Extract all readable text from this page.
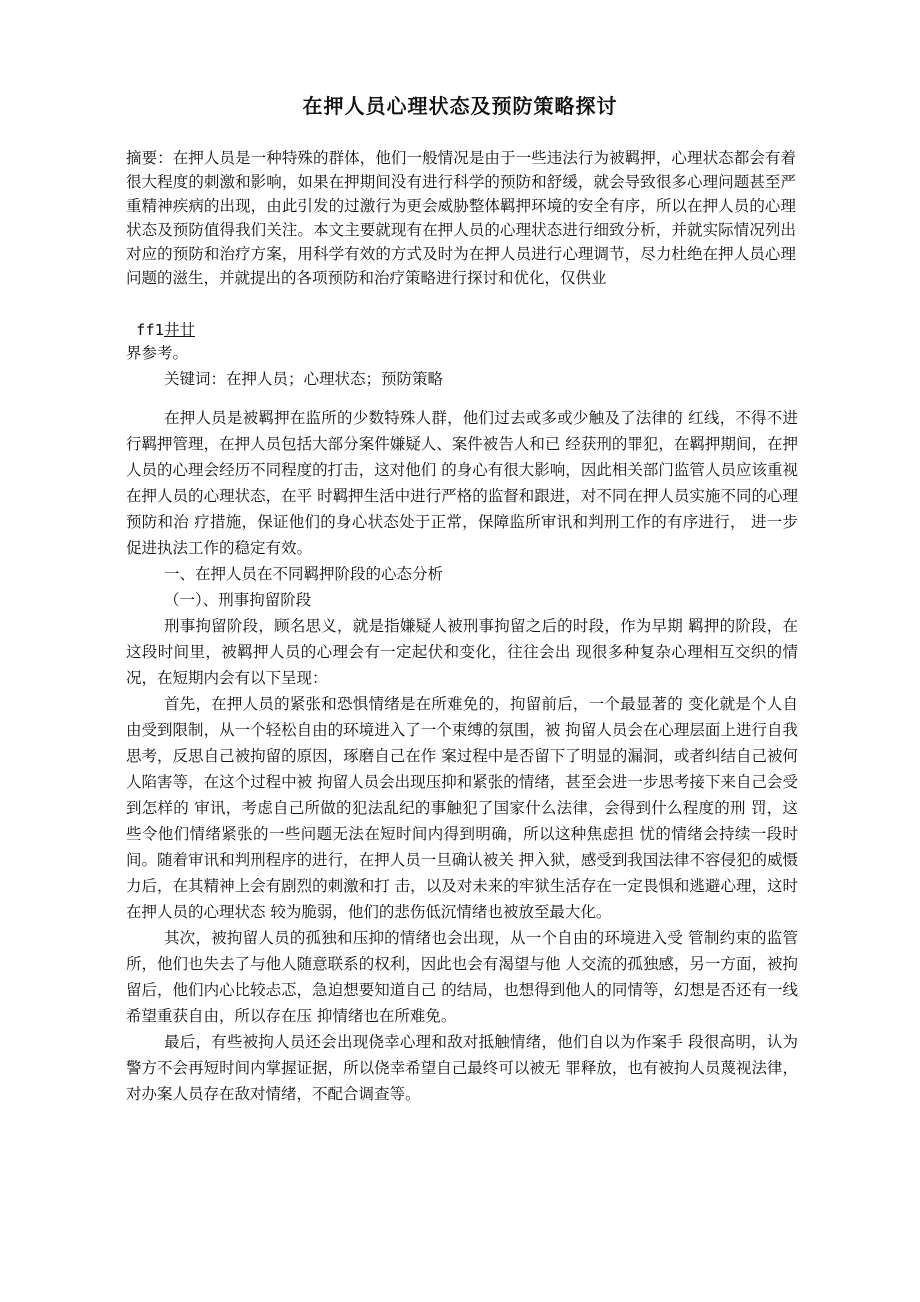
在押人员心理状态及预防策略探讨
摘要：在押人员是一种特殊的群体，他们一般情况是由于一些违法行为被羁押，心理状态都会有着很大程度的刺激和影响，如果在押期间没有进行科学的预防和舒缓，就会导致很多心理问题甚至严重精神疾病的出现，由此引发的过激行为更会威胁整体羁押环境的安全有序，所以在押人员的心理状态及预防值得我们关注。本文主要就现有在押人员的心理状态进行细致分析，并就实际情况列出对应的预防和治疗方案，用科学有效的方式及时为在押人员进行心理调节，尽力杜绝在押人员心理问题的滋生，并就提出的各项预防和治疗策略进行探讨和优化，仅供业
ff1井廿
界参考。
关键词：在押人员；心理状态；预防策略

在押人员是被羁押在监所的少数特殊人群，他们过去或多或少触及了法律的 红线，不得不进行羁押管理，在押人员包括大部分案件嫌疑人、案件被告人和已 经获刑的罪犯，在羁押期间，在押人员的心理会经历不同程度的打击，这对他们 的身心有很大影响，因此相关部门监管人员应该重视在押人员的心理状态，在平 时羁押生活中进行严格的监督和跟进，对不同在押人员实施不同的心理预防和治 疗措施，保证他们的身心状态处于正常，保障监所审讯和判刑工作的有序进行， 进一步促进执法工作的稳定有效。

一、在押人员在不同羁押阶段的心态分析

（一）、刑事拘留阶段

刑事拘留阶段，顾名思义，就是指嫌疑人被刑事拘留之后的时段，作为早期 羁押的阶段，在这段时间里，被羁押人员的心理会有一定起伏和变化，往往会出 现很多种复杂心理相互交织的情况，在短期内会有以下呈现：

首先，在押人员的紧张和恐惧情绪是在所难免的，拘留前后，一个最显著的 变化就是个人自由受到限制，从一个轻松自由的环境进入了一个束缚的氛围，被 拘留人员会在心理层面上进行自我思考，反思自己被拘留的原因，琢磨自己在作 案过程中是否留下了明显的漏洞，或者纠结自己被何人陷害等，在这个过程中被 拘留人员会出现压抑和紧张的情绪，甚至会进一步思考接下来自己会受到怎样的 审讯，考虑自己所做的犯法乱纪的事触犯了国家什么法律，会得到什么程度的刑 罚，这些令他们情绪紧张的一些问题无法在短时间内得到明确，所以这种焦虑担 忧的情绪会持续一段时间。随着审讯和判刑程序的进行，在押人员一旦确认被关 押入狱，感受到我国法律不容侵犯的威慑力后，在其精神上会有剧烈的刺激和打 击，以及对未来的牢狱生活存在一定畏惧和逃避心理，这时在押人员的心理状态 较为脆弱，他们的悲伤低沉情绪也被放至最大化。

其次，被拘留人员的孤独和压抑的情绪也会出现，从一个自由的环境进入受 管制约束的监管所，他们也失去了与他人随意联系的权利，因此也会有渴望与他 人交流的孤独感，另一方面，被拘留后，他们内心比较忐忑，急迫想要知道自己 的结局，也想得到他人的同情等，幻想是否还有一线希望重获自由，所以存在压 抑情绪也在所难免。

最后，有些被拘人员还会出现侥幸心理和敌对抵触情绪，他们自以为作案手 段很高明，认为警方不会再短时间内掌握证据，所以侥幸希望自己最终可以被无 罪释放，也有被拘人员蔑视法律，对办案人员存在敌对情绪，不配合调查等。
